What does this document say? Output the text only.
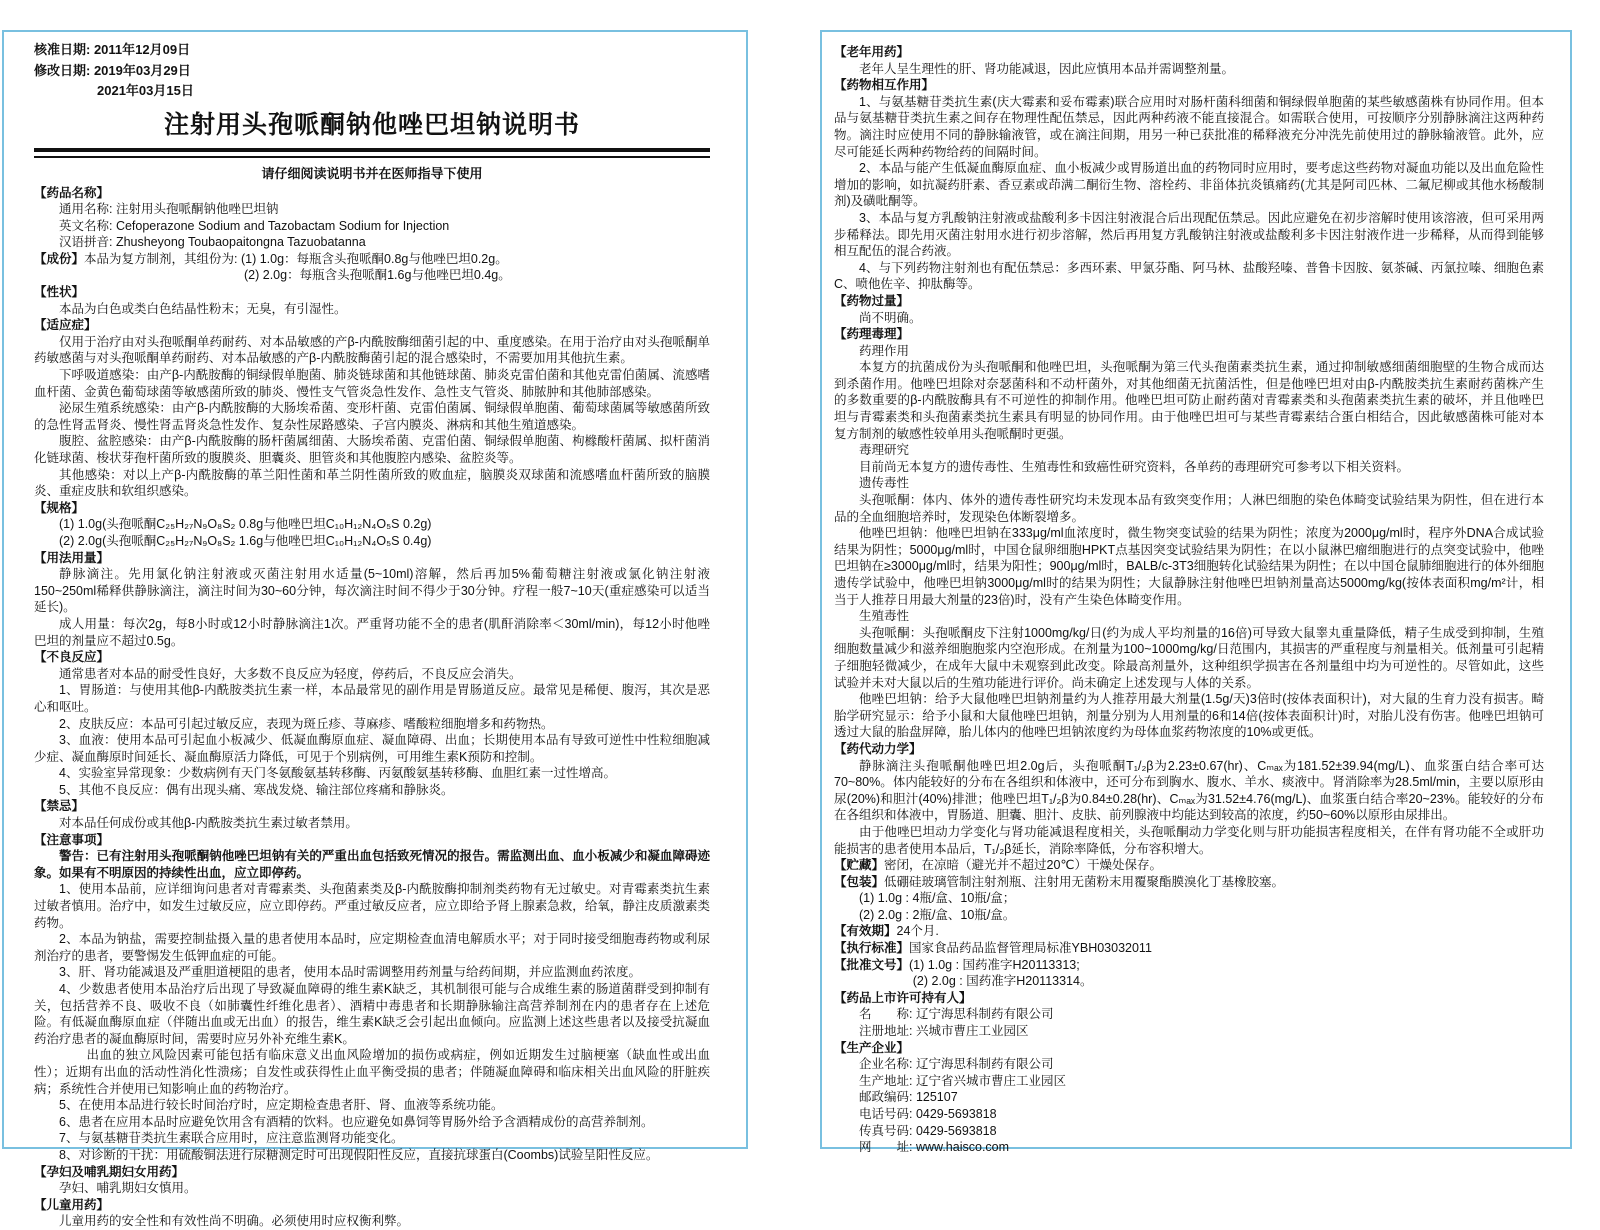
核准日期: 2011年12月09日
修改日期: 2019年03月29日
2021年03月15日
注射用头孢哌酮钠他唑巴坦钠说明书
请仔细阅读说明书并在医师指导下使用
【药品名称】
通用名称: 注射用头孢哌酮钠他唑巴坦钠
英文名称: Cefoperazone Sodium and Tazobactam Sodium for Injection
汉语拼音: Zhusheyong Toubaopaitongna Tazuobatanna
【成份】本品为复方制剂，其组份为: (1) 1.0g：每瓶含头孢哌酮0.8g与他唑巴坦0.2g。
(2) 2.0g：每瓶含头孢哌酮1.6g与他唑巴坦0.4g。
【性状】
本品为白色或类白色结晶性粉末；无臭，有引湿性。
【适应症】
仅用于治疗由对头孢哌酮单药耐药、对本品敏感的产β-内酰胺酶细菌引起的中、重度感染。在用于治疗由对头孢哌酮单药敏感菌与对头孢哌酮单药耐药、对本品敏感的产β-内酰胺酶菌引起的混合感染时，不需要加用其他抗生素。
下呼吸道感染：由产β-内酰胺酶的铜绿假单胞菌、肺炎链球菌和其他链球菌、肺炎克雷伯菌和其他克雷伯菌属、流感嗜血杆菌、金黄色葡萄球菌等敏感菌所致的肺炎、慢性支气管炎急性发作、急性支气管炎、肺脓肿和其他肺部感染。
泌尿生殖系统感染：由产β-内酰胺酶的大肠埃希菌、变形杆菌、克雷伯菌属、铜绿假单胞菌、葡萄球菌属等敏感菌所致的急性肾盂肾炎、慢性肾盂肾炎急性发作、复杂性尿路感染、子宫内膜炎、淋病和其他生殖道感染。
腹腔、盆腔感染：由产β-内酰胺酶的肠杆菌属细菌、大肠埃希菌、克雷伯菌、铜绿假单胞菌、枸橼酸杆菌属、拟杆菌消化链球菌、梭状芽孢杆菌所致的腹膜炎、胆囊炎、胆管炎和其他腹腔内感染、盆腔炎等。
其他感染：对以上产β-内酰胺酶的革兰阳性菌和革兰阴性菌所致的败血症，脑膜炎双球菌和流感嗜血杆菌所致的脑膜炎、重症皮肤和软组织感染。
【规格】
(1) 1.0g(头孢哌酮C₂₅H₂₇N₉O₈S₂ 0.8g与他唑巴坦C₁₀H₁₂N₄O₅S 0.2g)
(2) 2.0g(头孢哌酮C₂₅H₂₇N₉O₈S₂ 1.6g与他唑巴坦C₁₀H₁₂N₄O₅S 0.4g)
【用法用量】
静脉滴注。先用氯化钠注射液或灭菌注射用水适量(5~10ml)溶解，然后再加5%葡萄糖注射液或氯化钠注射液150~250ml稀释供静脉滴注，滴注时间为30~60分钟，每次滴注时间不得少于30分钟。疗程一般7~10天(重症感染可以适当延长)。
成人用量：每次2g，每8小时或12小时静脉滴注1次。严重肾功能不全的患者(肌酐消除率＜30ml/min)，每12小时他唑巴坦的剂量应不超过0.5g。
【不良反应】
通常患者对本品的耐受性良好，大多数不良反应为轻度，停药后，不良反应会消失。
1、胃肠道：与使用其他β-内酰胺类抗生素一样，本品最常见的副作用是胃肠道反应。最常见是稀便、腹泻，其次是恶心和呕吐。
2、皮肤反应：本品可引起过敏反应，表现为斑丘疹、荨麻疹、嗜酸粒细胞增多和药物热。
3、血液：使用本品可引起血小板减少、低凝血酶原血症、凝血障碍、出血；长期使用本品有导致可逆性中性粒细胞减少症、凝血酶原时间延长、凝血酶原活力降低，可见于个别病例，可用维生素K预防和控制。
4、实验室异常现象：少数病例有天门冬氨酸氨基转移酶、丙氨酸氨基转移酶、血胆红素一过性增高。
5、其他不良反应：偶有出现头痛、寒战发烧、输注部位疼痛和静脉炎。
【禁忌】
对本品任何成份或其他β-内酰胺类抗生素过敏者禁用。
【注意事项】
警告：已有注射用头孢哌酮钠他唑巴坦钠有关的严重出血包括致死情况的报告。需监测出血、血小板减少和凝血障碍迹象。如果有不明原因的持续性出血，应立即停药。
1、使用本品前，应详细询问患者对青霉素类、头孢菌素类及β-内酰胺酶抑制剂类药物有无过敏史。对青霉素类抗生素过敏者慎用。治疗中，如发生过敏反应，应立即停药。严重过敏反应者，应立即给予肾上腺素急救，给氧，静注皮质激素类药物。
2、本品为钠盐，需要控制盐摄入量的患者使用本品时，应定期检查血清电解质水平；对于同时接受细胞毒药物或利尿剂治疗的患者，要警惕发生低钾血症的可能。
3、肝、肾功能减退及严重胆道梗阻的患者，使用本品时需调整用药剂量与给药间期，并应监测血药浓度。
4、少数患者使用本品治疗后出现了导致凝血障碍的维生素K缺乏，其机制很可能与合成维生素的肠道菌群受到抑制有关，包括营养不良、吸收不良（如肺囊性纤维化患者）、酒精中毒患者和长期静脉输注高营养制剂在内的患者存在上述危险。有低凝血酶原血症（伴随出血或无出血）的报告，维生素K缺乏会引起出血倾向。应监测上述这些患者以及接受抗凝血药治疗患者的凝血酶原时间，需要时应另外补充维生素K。
出血的独立风险因素可能包括有临床意义出血风险增加的损伤或病症，例如近期发生过脑梗塞（缺血性或出血性）；近期有出血的活动性消化性溃疡；自发性或获得性止血平衡受损的患者；伴随凝血障碍和临床相关出血风险的肝脏疾病；系统性合并使用已知影响止血的药物治疗。
5、在使用本品进行较长时间治疗时，应定期检查患者肝、肾、血液等系统功能。
6、患者在应用本品时应避免饮用含有酒精的饮料。也应避免如鼻饲等胃肠外给予含酒精成份的高营养制剂。
7、与氨基糖苷类抗生素联合应用时，应注意监测肾功能变化。
8、对诊断的干扰：用硫酸铜法进行尿糖测定时可出现假阳性反应，直接抗球蛋白(Coombs)试验呈阳性反应。
【孕妇及哺乳期妇女用药】
孕妇、哺乳期妇女慎用。
【儿童用药】
儿童用药的安全性和有效性尚不明确。必须使用时应权衡利弊。
【老年用药】
老年人呈生理性的肝、肾功能减退，因此应慎用本品并需调整剂量。
【药物相互作用】
1、与氨基糖苷类抗生素(庆大霉素和妥布霉素)联合应用时对肠杆菌科细菌和铜绿假单胞菌的某些敏感菌株有协同作用。但本品与氨基糖苷类抗生素之间存在物理性配伍禁忌，因此两种药液不能直接混合。如需联合使用，可按顺序分别静脉滴注这两种药物。滴注时应使用不同的静脉输液管，或在滴注间期，用另一种已获批准的稀释液充分冲洗先前使用过的静脉输液管。此外，应尽可能延长两种药物给药的间隔时间。
2、本品与能产生低凝血酶原血症、血小板减少或胃肠道出血的药物同时应用时，要考虑这些药物对凝血功能以及出血危险性增加的影响，如抗凝药肝素、香豆素或茚满二酮衍生物、溶栓药、非甾体抗炎镇痛药(尤其是阿司匹林、二氟尼柳或其他水杨酸制剂)及磺吡酮等。
3、本品与复方乳酸钠注射液或盐酸利多卡因注射液混合后出现配伍禁忌。因此应避免在初步溶解时使用该溶液，但可采用两步稀释法。即先用灭菌注射用水进行初步溶解，然后再用复方乳酸钠注射液或盐酸利多卡因注射液作进一步稀释，从而得到能够相互配伍的混合药液。
4、与下列药物注射剂也有配伍禁忌：多西环素、甲氯芬酯、阿马林、盐酸羟嗪、普鲁卡因胺、氨茶碱、丙氯拉嗪、细胞色素C、喷他佐辛、抑肽酶等。
【药物过量】
尚不明确。
【药理毒理】
药理作用
本复方的抗菌成份为头孢哌酮和他唑巴坦，头孢哌酮为第三代头孢菌素类抗生素，通过抑制敏感细菌细胞壁的生物合成而达到杀菌作用。他唑巴坦除对奈瑟菌科和不动杆菌外，对其他细菌无抗菌活性，但是他唑巴坦对由β-内酰胺类抗生素耐药菌株产生的多数重要的β-内酰胺酶具有不可逆性的抑制作用。他唑巴坦可防止耐药菌对青霉素类和头孢菌素类抗生素的破坏，并且他唑巴坦与青霉素类和头孢菌素类抗生素具有明显的协同作用。由于他唑巴坦可与某些青霉素结合蛋白相结合，因此敏感菌株可能对本复方制剂的敏感性较单用头孢哌酮时更强。
毒理研究
目前尚无本复方的遗传毒性、生殖毒性和致癌性研究资料，各单药的毒理研究可参考以下相关资料。
遗传毒性
头孢哌酮：体内、体外的遗传毒性研究均未发现本品有致突变作用；人淋巴细胞的染色体畸变试验结果为阴性，但在进行本品的全血细胞培养时，发现染色体断裂增多。
他唑巴坦钠：他唑巴坦钠在333μg/ml血浓度时，微生物突变试验的结果为阴性；浓度为2000μg/ml时，程序外DNA合成试验结果为阴性；5000μg/ml时，中国仓鼠卵细胞HPKT点基因突变试验结果为阴性；在以小鼠淋巴瘤细胞进行的点突变试验中，他唑巴坦钠在≥3000μg/ml时，结果为阳性；900μg/ml时，BALB/c-3T3细胞转化试验结果为阴性；在以中国仓鼠肺细胞进行的体外细胞遗传学试验中，他唑巴坦钠3000μg/ml时的结果为阴性；大鼠静脉注射他唑巴坦钠剂量高达5000mg/kg(按体表面积mg/m²计，相当于人推荐日用最大剂量的23倍)时，没有产生染色体畸变作用。
生殖毒性
头孢哌酮：头孢哌酮皮下注射1000mg/kg/日(约为成人平均剂量的16倍)可导致大鼠睾丸重量降低，精子生成受到抑制，生殖细胞数量减少和滋养细胞胞浆内空泡形成。在剂量为100~1000mg/kg/日范围内，其损害的严重程度与剂量相关。低剂量可引起精子细胞轻微减少，在成年大鼠中未观察到此改变。除最高剂量外，这种组织学损害在各剂量组中均为可逆性的。尽管如此，这些试验并未对大鼠以后的生殖功能进行评价。尚未确定上述发现与人体的关系。
他唑巴坦钠：给予大鼠他唑巴坦钠剂量约为人推荐用最大剂量(1.5g/天)3倍时(按体表面积计)，对大鼠的生育力没有损害。畸胎学研究显示：给予小鼠和大鼠他唑巴坦钠，剂量分别为人用剂量的6和14倍(按体表面积计)时，对胎儿没有伤害。他唑巴坦钠可透过大鼠的胎盘屏障，胎儿体内的他唑巴坦钠浓度约为母体血浆药物浓度的10%或更低。
【药代动力学】
静脉滴注头孢哌酮他唑巴坦2.0g后，头孢哌酮T₁/₂β为2.23±0.67(hr)、Cₘₐₓ为181.52±39.94(mg/L)、血浆蛋白结合率可达70~80%。体内能较好的分布在各组织和体液中，还可分布到胸水、腹水、羊水、痰液中。肾消除率为28.5ml/min，主要以原形由尿(20%)和胆汁(40%)排泄；他唑巴坦T₁/₂β为0.84±0.28(hr)、Cₘₐₓ为31.52±4.76(mg/L)、血浆蛋白结合率20~23%。能较好的分布在各组织和体液中，胃肠道、胆囊、胆汁、皮肤、前列腺液中均能达到较高的浓度，约50~60%以原形由尿排出。
由于他唑巴坦动力学变化与肾功能减退程度相关，头孢哌酮动力学变化则与肝功能损害程度相关，在伴有肾功能不全或肝功能损害的患者使用本品后，T₁/₂β延长，消除率降低，分布容积增大。
【贮藏】密闭，在凉暗（避光并不超过20℃）干燥处保存。
【包装】低硼硅玻璃管制注射剂瓶、注射用无菌粉末用覆聚酯膜溴化丁基橡胶塞。
(1) 1.0g : 4瓶/盒、10瓶/盒；
(2) 2.0g : 2瓶/盒、10瓶/盒。
【有效期】24个月.
【执行标准】国家食品药品监督管理局标准YBH03032011
【批准文号】(1) 1.0g : 国药准字H20113313;
(2) 2.0g : 国药准字H20113314。
【药品上市许可持有人】
名　　称: 辽宁海思科制药有限公司
注册地址: 兴城市曹庄工业园区
【生产企业】
企业名称: 辽宁海思科制药有限公司
生产地址: 辽宁省兴城市曹庄工业园区
邮政编码: 125107
电话号码: 0429-5693818
传真号码: 0429-5693818
网　　址: www.haisco.com
